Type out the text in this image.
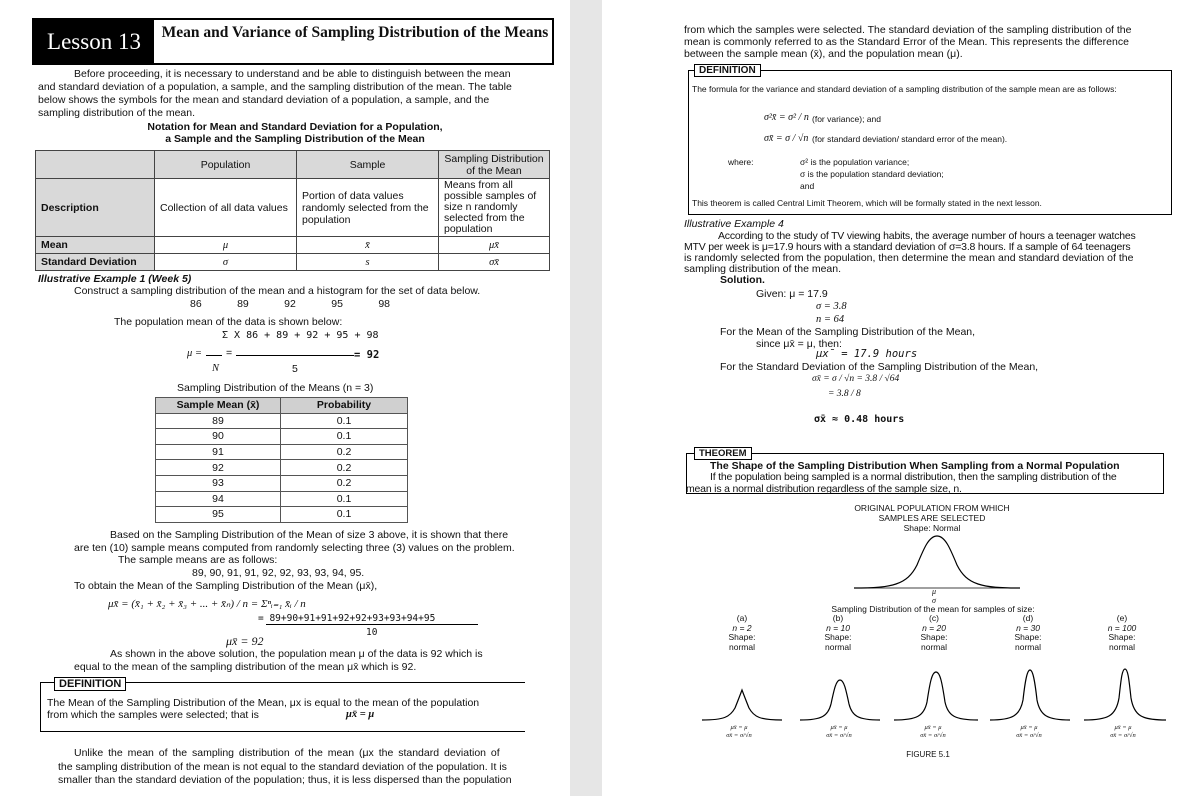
Lesson 13	Mean and Variance of Sampling Distribution of the Means
Before proceeding, it is necessary to understand and be able to distinguish between the mean
and standard deviation of a population, a sample, and the sampling distribution of the mean. The table
below shows the symbols for the mean and standard deviation of a population, a sample, and the
sampling distribution of the mean.
Notation for Mean and Standard Deviation for a Population,
a Sample and the Sampling Distribution of the Mean
	Population	Sample	Sampling Distribution of the Mean
Description	Collection of all data values	Portion of data values randomly selected from the population	Means from all possible samples of size n randomly selected from the population
Mean	μ	x̄	μx̄
Standard Deviation	σ	s	σx̄
Illustrative Example 1 (Week 5)
Construct a sampling distribution of the mean and a histogram for the set of data below.
86	89	92	95	98
The population mean of the data is shown below:
Σ X 86 + 89 + 92 + 95 + 98
μ = =	= 92
N	5
Sampling Distribution of the Means (n = 3)
Sample Mean (x̄)	Probability
89	0.1
90	0.1
91	0.2
92	0.2
93	0.2
94	0.1
95	0.1
Based on the Sampling Distribution of the Mean of size 3 above, it is shown that there
are ten (10) sample means computed from randomly selecting three (3) values on the problem.
The sample means are as follows:
89, 90, 91, 91, 92, 92, 93, 93, 94, 95.
To obtain the Mean of the Sampling Distribution of the Mean (μx̄),
μx̄ = (x̄₁ + x̄₂ + x̄₃ + ... + x̄ₙ) / n = Σⁿᵢ₌₁ x̄ᵢ / n
= 89+90+91+91+92+92+93+93+94+95
10
μx̄ = 92
As shown in the above solution, the population mean μ of the data is 92 which is
equal to the mean of the sampling distribution of the mean μx̄ which is 92.
DEFINITION
The Mean of the Sampling Distribution of the Mean, μx is equal to the mean of the population
from which the samples were selected; that is	μx̄ = μ
Unlike the mean of the sampling distribution of the mean (μx the standard deviation of
the sampling distribution of the mean is not equal to the standard deviation of the population. It is
smaller than the standard deviation of the population; thus, it is less dispersed than the population
from which the samples were selected. The standard deviation of the sampling distribution of the
mean is commonly referred to as the Standard Error of the Mean. This represents the difference
between the sample mean (x̄), and the population mean (μ).
DEFINITION
The formula for the variance and standard deviation of a sampling distribution of the sample mean are as follows:
σ²x̄ = σ² / n (for variance); and
σx̄ = σ / √n (for standard deviation/ standard error of the mean).
where:	σ² is the population variance;
σ is the population standard deviation;
and
This theorem is called Central Limit Theorem, which will be formally stated in the next lesson.
Illustrative Example 4
According to the study of TV viewing habits, the average number of hours a teenager watches
MTV per week is μ=17.9 hours with a standard deviation of σ=3.8 hours. If a sample of 64 teenagers
is randomly selected from the population, then determine the mean and standard deviation of the
sampling distribution of the mean.
Solution.
Given: μ = 17.9
σ = 3.8
n = 64
For the Mean of the Sampling Distribution of the Mean,
since μx̄ = μ, then:
μx̄ = 17.9 hours
For the Standard Deviation of the Sampling Distribution of the Mean,
σx̄ = σ / √n = 3.8 / √64
= 3.8 / 8
σx̄ ≈ 0.48 hours
THEOREM
The Shape of the Sampling Distribution When Sampling from a Normal Population
If the population being sampled is a normal distribution, then the sampling distribution of the
mean is a normal distribution regardless of the sample size, n.
ORIGINAL POPULATION FROM WHICH
SAMPLES ARE SELECTED
Shape: Normal
μ
σ
Sampling Distribution of the mean for samples of size:
(a)
n = 2
Shape:
normal
(b)
n = 10
Shape:
normal
(c)
n = 20
Shape:
normal
(d)
n = 30
Shape:
normal
(e)
n = 100
Shape:
normal
μx̄ = μ
σx̄ = σ/√n
μx̄ = μ
σx̄ = σ/√n
μx̄ = μ
σx̄ = σ/√n
μx̄ = μ
σx̄ = σ/√n
μx̄ = μ
σx̄ = σ/√n
FIGURE 5.1
